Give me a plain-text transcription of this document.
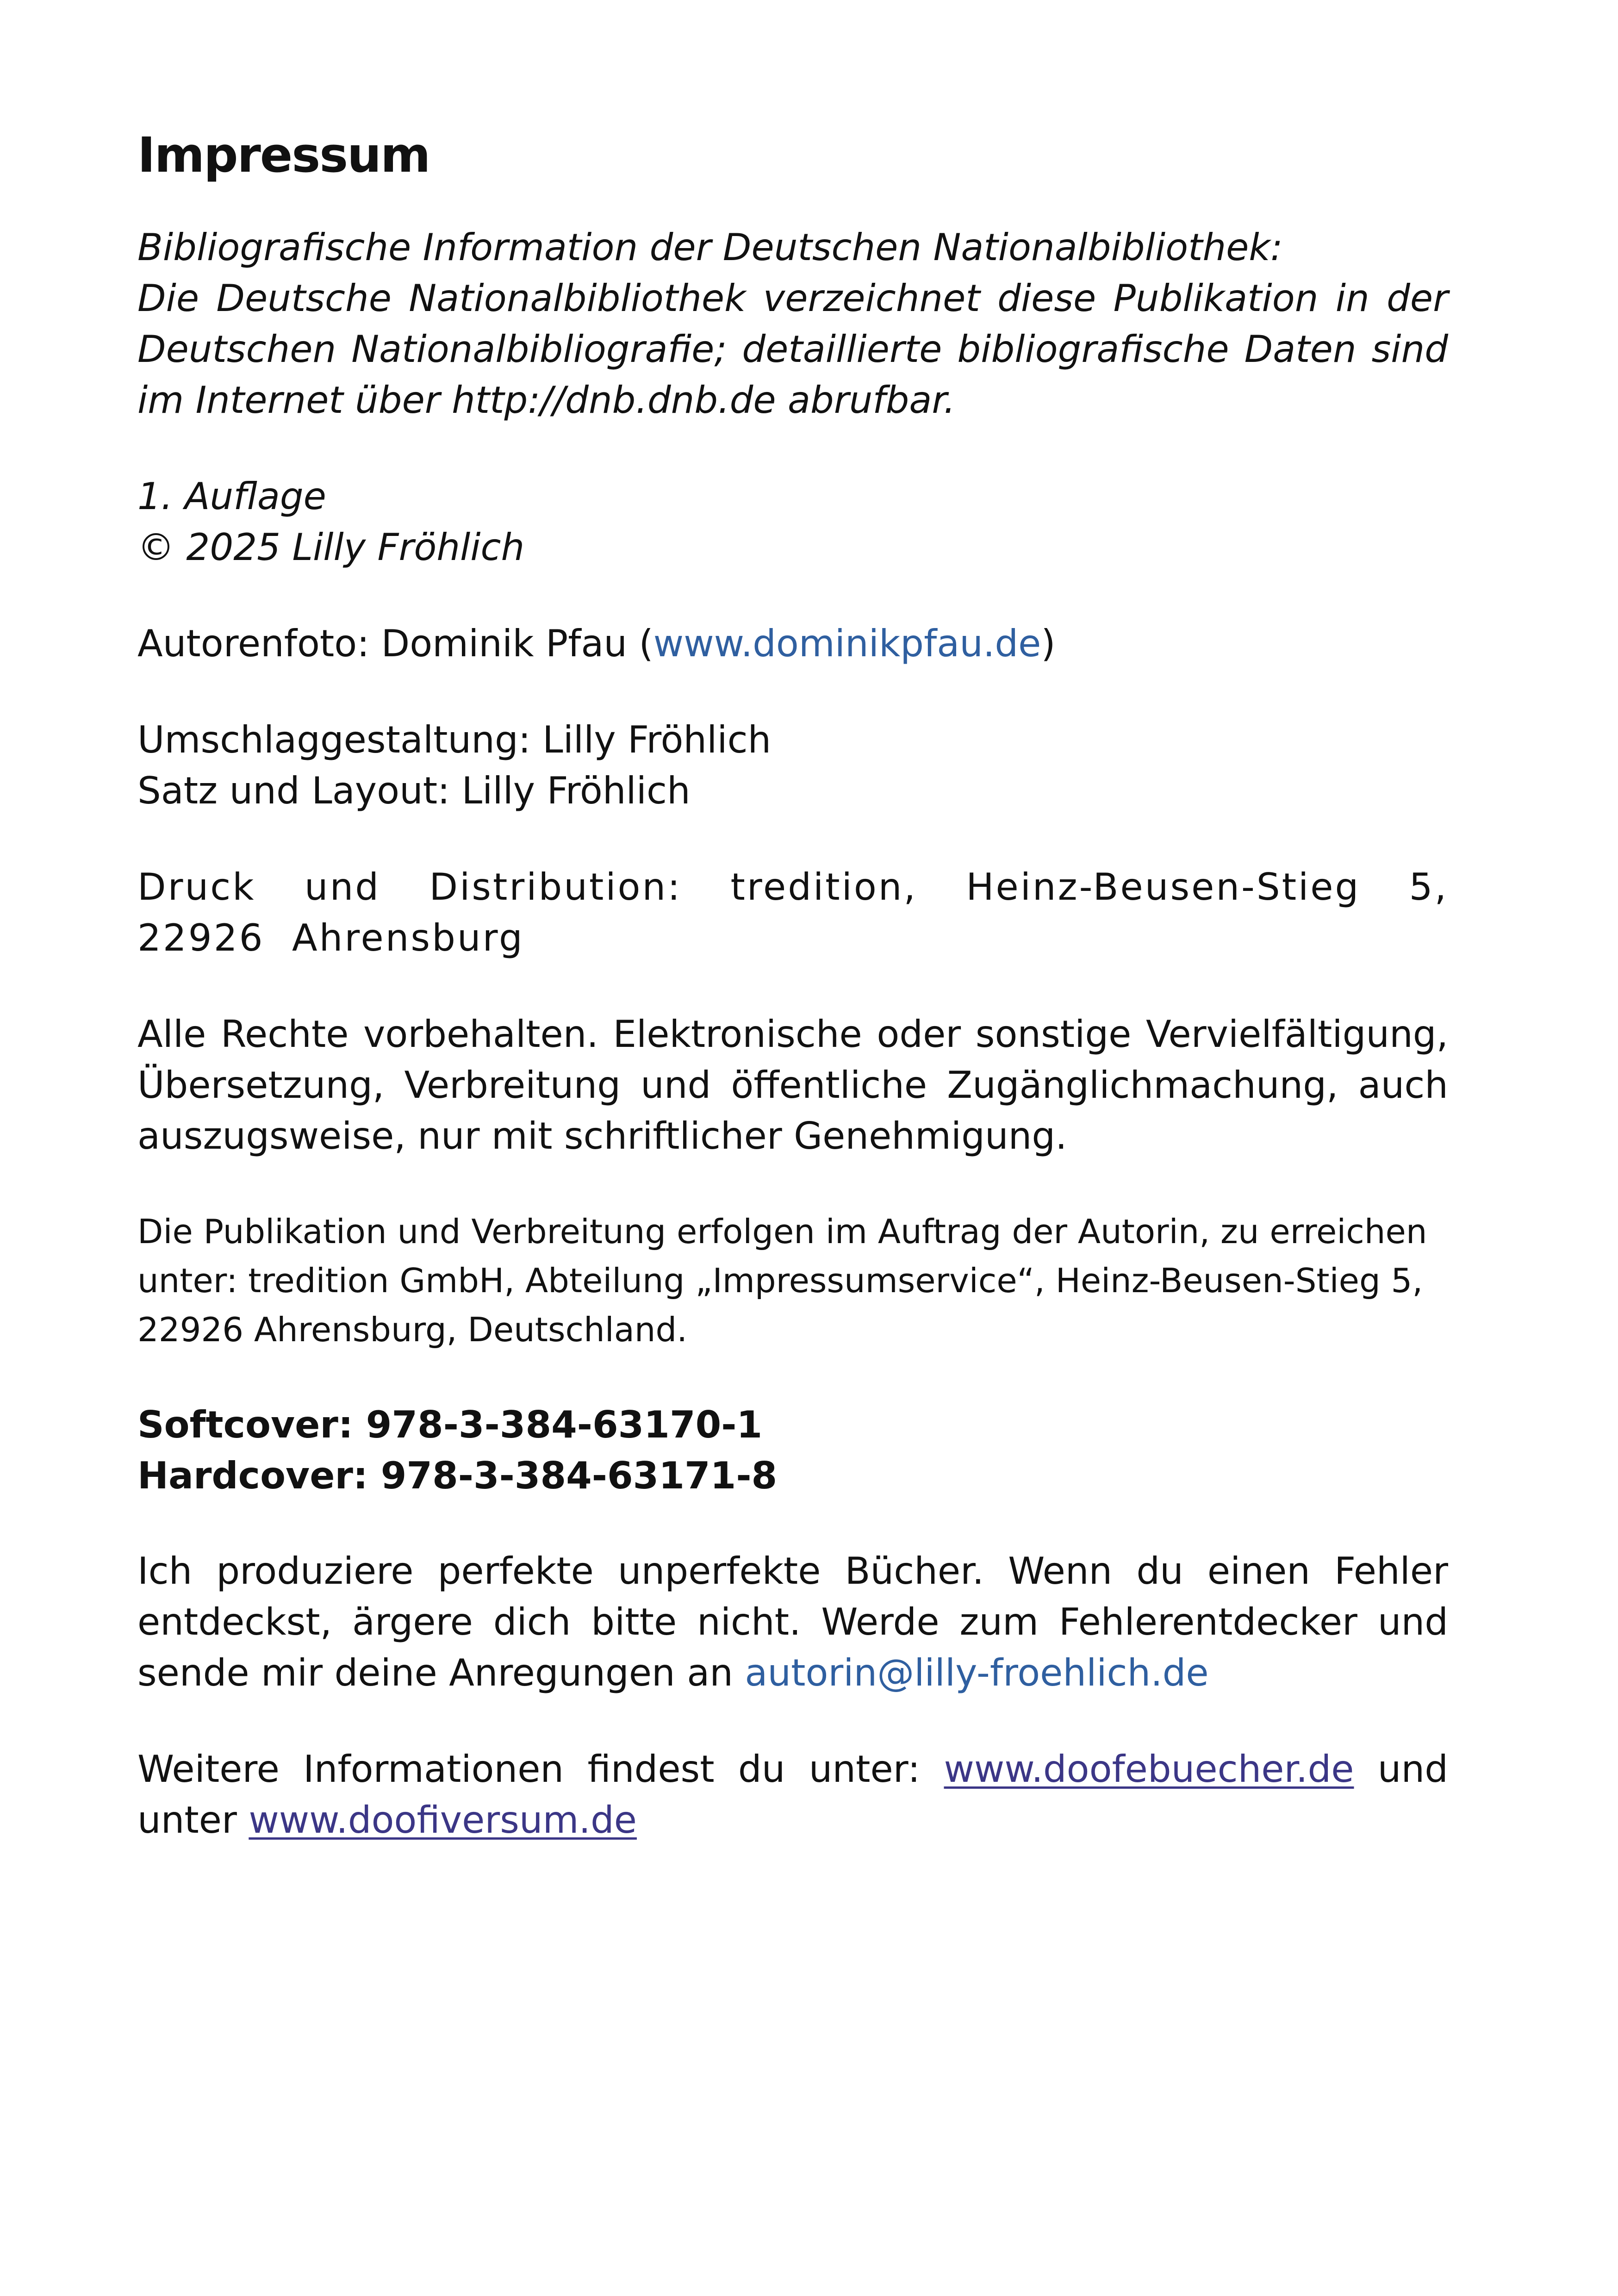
Impressum

Bibliografische Information der Deutschen Nationalbibliothek:
Die Deutsche Nationalbibliothek verzeichnet diese Publikation in der Deutschen Nationalbibliografie; detaillierte bibliografische Daten sind im Internet über http://dnb.dnb.de abrufbar.

1. Auflage
© 2025 Lilly Fröhlich

Autorenfoto: Dominik Pfau (www.dominikpfau.de)

Umschlaggestaltung: Lilly Fröhlich
Satz und Layout: Lilly Fröhlich

Druck und Distribution: tredition, Heinz-Beusen-Stieg 5, 22926 Ahrensburg

Alle Rechte vorbehalten. Elektronische oder sonstige Vervielfältigung, Übersetzung, Verbreitung und öffentliche Zugänglichmachung, auch auszugsweise, nur mit schriftlicher Genehmigung.

Die Publikation und Verbreitung erfolgen im Auftrag der Autorin, zu erreichen unter: tredition GmbH, Abteilung „Impressumservice“, Heinz-Beusen-Stieg 5, 22926 Ahrensburg, Deutschland.

Softcover: 978-3-384-63170-1
Hardcover: 978-3-384-63171-8

Ich produziere perfekte unperfekte Bücher. Wenn du einen Fehler entdeckst, ärgere dich bitte nicht. Werde zum Fehlerentdecker und sende mir deine Anregungen an autorin@lilly-froehlich.de

Weitere Informationen findest du unter: www.doofebuecher.de und unter www.doofiversum.de
